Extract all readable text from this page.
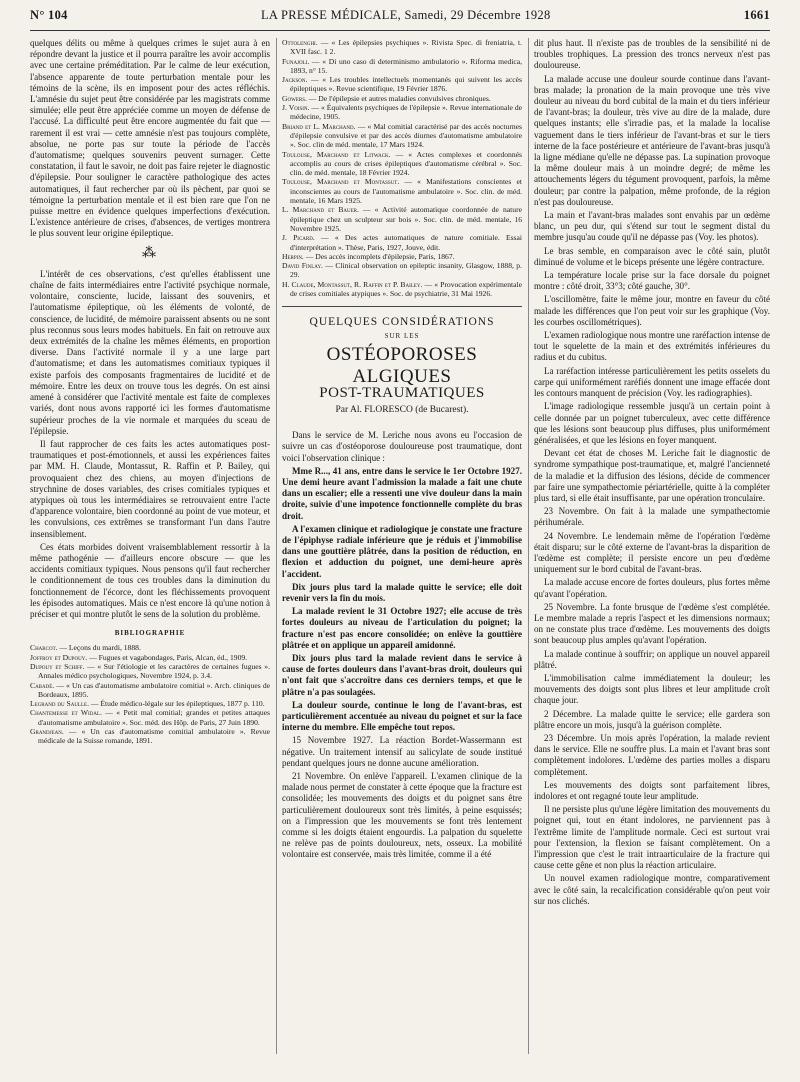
N° 104	LA PRESSE MÉDICALE, Samedi, 29 Décembre 1928	1661

quelques délits ou même à quelques crimes le sujet aura à en répondre devant la justice et il pourra paraître les avoir accomplis avec une certaine préméditation. Par le calme de leur exécution, l'absence apparente de toute perturbation mentale pour les témoins de la scène, ils en imposent pour des actes réfléchis. L'amnésie du sujet peut être considérée par les magistrats comme simulée; elle peut être appréciée comme un moyen de défense de l'accusé. La difficulté peut être encore augmentée du fait que — rarement il est vrai — cette amnésie n'est pas toujours complète, absolue, ne porte pas sur toute la période de l'accès d'automatisme; quelques souvenirs peuvent surnager. Cette constatation, il faut le savoir, ne doit pas faire rejeter le diagnostic d'épilepsie. Pour souligner le caractère pathologique des actes automatiques, il faut rechercher par où ils pèchent, par quoi se témoigne la perturbation mentale et il est bien rare que l'on ne puisse mettre en évidence quelques imperfections d'exécution. L'existence antérieure de crises, d'absences, de vertiges montrera le plus souvent leur origine épileptique.

⁂

L'intérêt de ces observations, c'est qu'elles établissent une chaîne de faits intermédiaires entre l'activité psychique normale, volontaire, consciente, lucide, laissant des souvenirs, et l'automatisme épileptique, où les éléments de volonté, de conscience, de lucidité, de mémoire paraissent absents ou ne sont plus reconnus sous leurs modes habituels. En fait on retrouve aux deux extrémités de la chaîne les mêmes éléments, en proportion diverse. Dans l'activité normale il y a une large part d'automatisme; et dans les automatismes comitiaux typiques il existe parfois des composants fragmentaires de lucidité et de mémoire. Entre les deux on trouve tous les degrés. On est ainsi amené à considérer que l'activité mentale est faite de complexes variés, dont nous avons rapporté ici les formes d'automatisme supérieur proches de la vie normale et marquées du sceau de l'épilepsie.

Il faut rapprocher de ces faits les actes automatiques post-traumatiques et post-émotionnels, et aussi les expériences faites par MM. H. Claude, Montassut, R. Raffin et P. Bailey, qui provoquaient chez des chiens, au moyen d'injections de strychnine de doses variables, des crises comitiales typiques et atypiques où tous les intermédiaires se retrouvaient entre l'acte d'apparence volontaire, bien coordonné au point de vue moteur, et les convulsions, ces extrêmes se transformant l'un dans l'autre insensiblement.

Ces états morbides doivent vraisemblablement ressortir à la même pathogénie — d'ailleurs encore obscure — que les accidents comitiaux typiques. Nous pensons qu'il faut rechercher le conditionnement de tous ces troubles dans la diminution du fonctionnement de l'écorce, dont les fléchissements provoquent les épisodes automatiques. Mais ce n'est encore là qu'une notion à préciser et qui montre plutôt le sens de la solution du problème.

BIBLIOGRAPHIE

Charcot. — Leçons du mardi, 1888.

Joffroy et Dupouy. — Fugues et vagabondages, Paris, Alcan, éd., 1909.

Dupouy et Schiff. — « Sur l'étiologie et les caractères de certaines fugues ». Annales médico psychologiques, Novembre 1924, p. 3.4.

Cabadé. — « Un cas d'automatisme ambulatoire comitial ». Arch. cliniques de Bordeaux, 1895.

Legrand du Saulle. — Étude médico-légale sur les épileptiques, 1877 p. 110.

Chantemesse et Widal. — « Petit mal comitial; grandes et petites attaques d'automatisme ambulatoire ». Soc. méd. des Hôp. de Paris, 27 Juin 1890.

Grandjean. — « Un cas d'automatisme comitial ambulatoire ». Revue médicale de la Suisse romande, 1891.

Ottolenghi. — « Les épilepsies psychiques ». Rivista Spec. di freniatria, t. XVII fasc. 1 2.

Funajoli. — « Di uno caso di determinismo ambulatorio ». Riforma medica, 1893, n° 15.

Jackson. — « Les troubles intellectuels momentanés qui suivent les accès épileptiques ». Revue scientifique, 19 Février 1876.

Gowers. — De l'épilepsie et autres maladies convulsives chroniques.

J. Voisin. — « Équivalents psychiques de l'épilepsie ». Revue internationale de médecine, 1905.

Briand et L. Marchand. — « Mal comitial caractérisé par des accès nocturnes d'épilepsie convulsive et par des accès diurnes d'automatisme ambulatoire ». Soc. clin de méd. mentale, 17 Mars 1924.

Toulouse, Marchand et Litwack. — « Actes complexes et coordonnés accomplis au cours de crises épileptiques d'automatisme cérébral ». Soc. clin. de méd. mentale, 18 Février 1924.

Toulouse, Marchand et Montassut. — « Manifestations conscientes et inconscientes au cours de l'automatisme ambulatoire ». Soc. clin. de méd. mentale, 16 Mars 1925.

L. Marchand et Bauer. — « Activité automatique coordonnée de nature épileptique chez un sculpteur sur bois ». Soc. clin. de méd. mentale, 16 Novembre 1925.

J. Picard. — « Des actes automatiques de nature comitiale. Essai d'interprétation ». Thèse, Paris, 1927, Jouve, édit.

Herpin. — Des accès incomplets d'épilepsie, Paris, 1867.

David Finlay. — Clinical observation on epileptic insanity, Glasgow, 1888, p. 29.

H. Claude, Montassut, R. Raffin et P. Bailey. — « Provocation expérimentale de crises comitiales atypiques ». Soc. de psychiatrie, 31 Mai 1926.

QUELQUES CONSIDÉRATIONS
SUR LES
OSTÉOPOROSES ALGIQUES
POST-TRAUMATIQUES
Par Al. FLORESCO (de Bucarest).

Dans le service de M. Leriche nous avons eu l'occasion de suivre un cas d'ostéoporose douloureuse post traumatique, dont voici l'observation clinique :

Mme R..., 41 ans, entre dans le service le 1er Octobre 1927. Une demi heure avant l'admission la malade a fait une chute dans un escalier; elle a ressenti une vive douleur dans la main droite, suivie d'une impotence fonctionnelle complète du bras droit.

A l'examen clinique et radiologique je constate une fracture de l'épiphyse radiale inférieure que je réduis et j'immobilise dans une gouttière plâtrée, dans la position de réduction, en flexion et adduction du poignet, une demi-heure après l'accident.

Dix jours plus tard la malade quitte le service; elle doit revenir vers la fin du mois.

La malade revient le 31 Octobre 1927; elle accuse de très fortes douleurs au niveau de l'articulation du poignet; la fracture n'est pas encore consolidée; on enlève la gouttière plâtrée et on applique un appareil amidonné.

Dix jours plus tard la malade revient dans le service à cause de fortes douleurs dans l'avant-bras droit, douleurs qui n'ont fait que s'accroître dans ces derniers temps, et que le plâtre n'a pas soulagées.

La douleur sourde, continue le long de l'avant-bras, est particulièrement accentuée au niveau du poignet et sur la face interne du membre. Elle empêche tout repos.

15 Novembre 1927. La réaction Bordet-Wassermann est négative. Un traitement intensif au salicylate de soude institué pendant quelques jours ne donne aucune amélioration.

21 Novembre. On enlève l'appareil. L'examen clinique de la malade nous permet de constater à cette époque que la fracture est consolidée; les mouvements des doigts et du poignet sans être particulièrement douloureux sont très limités, à peine esquissés; on a l'impression que les mouvements se font très lentement comme si les doigts étaient engourdis. La palpation du squelette ne relève pas de points douloureux, nets, osseux. La mobilité volontaire est conservée, mais très limitée, comme il a été

dit plus haut. Il n'existe pas de troubles de la sensibilité ni de troubles trophiques. La pression des troncs nerveux n'est pas douloureuse.

La malade accuse une douleur sourde continue dans l'avant-bras malade; la pronation de la main provoque une très vive douleur au niveau du bord cubital de la main et du tiers inférieur de l'avant-bras; la douleur, très vive au dire de la malade, dure quelques instants; elle s'irradie pas, et la malade la localise vaguement dans le tiers inférieur de l'avant-bras et sur le tiers interne de la face postérieure et antérieure de l'avant-bras jusqu'à la ligne médiane qu'elle ne dépasse pas. La supination provoque la même douleur mais à un moindre degré; de même les attouchements légers du tégument provoquent, parfois, la même douleur; par contre la palpation, même profonde, de la région n'est pas douloureuse.

La main et l'avant-bras malades sont envahis par un œdème blanc, un peu dur, qui s'étend sur tout le segment distal du membre jusqu'au coude qu'il ne dépasse pas (Voy. les photos).

Le bras semble, en comparaison avec le côté sain, plutôt diminué de volume et le biceps présente une légère contracture.

La température locale prise sur la face dorsale du poignet montre : côté droit, 33°3; côté gauche, 30°.

L'oscillomètre, faite le même jour, montre en faveur du côté malade les différences que l'on peut voir sur les graphique (Voy. les courbes oscillométriques).

L'examen radiologique nous montre une raréfaction intense de tout le squelette de la main et des extrémités inférieures du radius et du cubitus.

La raréfaction intéresse particulièrement les petits osselets du carpe qui uniformément raréfiés donnent une image effacée dont les contours manquent de précision (Voy. les radiographies).

L'image radiologique ressemble jusqu'à un certain point à celle donnée par un poignet tuberculeux, avec cette différence que les lésions sont beaucoup plus diffuses, plus uniformément généralisées, et que les lésions en foyer manquent.

Devant cet état de choses M. Leriche fait le diagnostic de syndrome sympathique post-traumatique, et, malgré l'ancienneté de la maladie et la diffusion des lésions, décide de commencer par faire une sympathectomie périartérielle, quitte à la compléter plus tard, si elle était insuffisante, par une opération tronculaire.

23 Novembre. On fait à la malade une sympathectomie périhumérale.

24 Novembre. Le lendemain même de l'opération l'œdème était disparu; sur le côté externe de l'avant-bras la disparition de l'œdème est complète; il persiste encore un peu d'œdème uniquement sur le bord cubital de l'avant-bras.

La malade accuse encore de fortes douleurs, plus fortes même qu'avant l'opération.

25 Novembre. La fonte brusque de l'œdème s'est complétée. Le membre malade a repris l'aspect et les dimensions normaux; on ne constate plus trace d'œdème. Les mouvements des doigts sont beaucoup plus amples qu'avant l'opération.

La malade continue à souffrir; on applique un nouvel appareil plâtré.

L'immobilisation calme immédiatement la douleur; les mouvements des doigts sont plus libres et leur amplitude croît chaque jour.

2 Décembre. La malade quitte le service; elle gardera son plâtre encore un mois, jusqu'à la guérison complète.

23 Décembre. Un mois après l'opération, la malade revient dans le service. Elle ne souffre plus. La main et l'avant bras sont complètement indolores. L'œdème des parties molles a disparu complètement.

Les mouvements des doigts sont parfaitement libres, indolores et ont regagné toute leur amplitude.

Il ne persiste plus qu'une légère limitation des mouvements du poignet qui, tout en étant indolores, ne parviennent pas à l'extrême limite de l'amplitude normale. Ceci est surtout vrai pour l'extension, la flexion se faisant complètement. On a l'impression que c'est le trait intraarticulaire de la fracture qui cause cette gêne et non plus la réaction articulaire.

Un nouvel examen radiologique montre, comparativement avec le côté sain, la recalcification considérable qu'on peut voir sur nos clichés.
